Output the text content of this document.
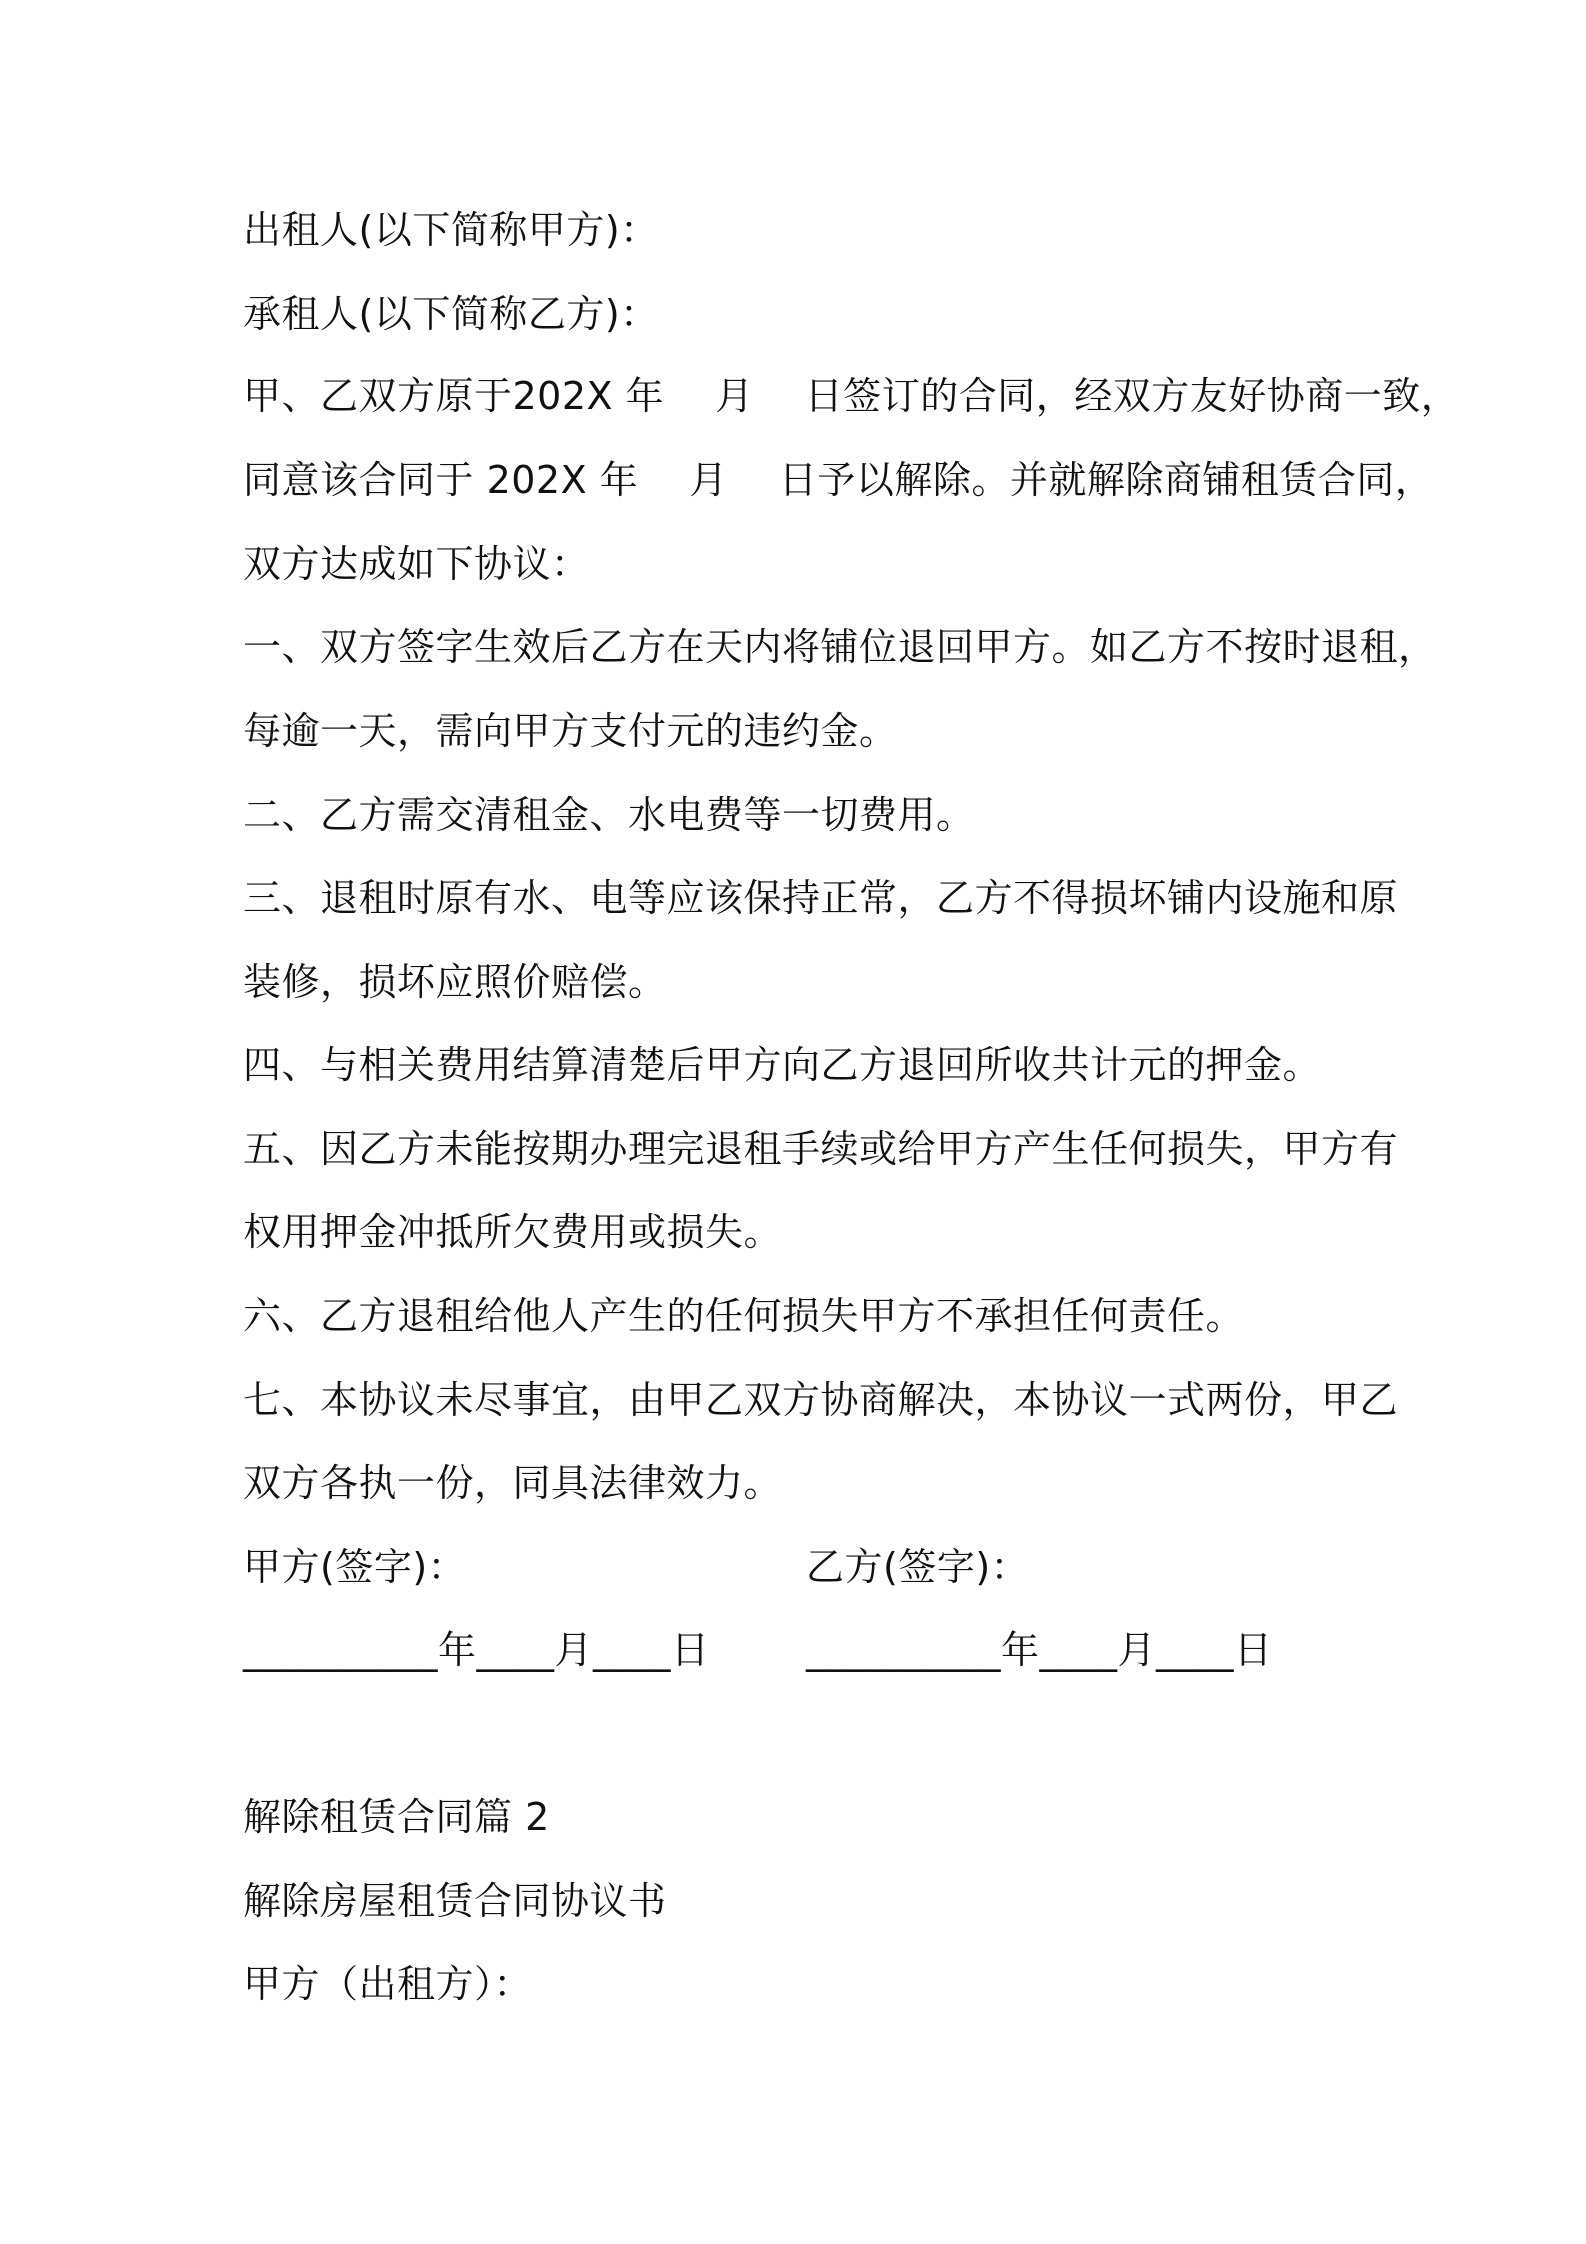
出租人(以下简称甲方)：
承租人(以下简称乙方)：
甲、乙双方原于202X 年　 月　 日签订的合同，经双方友好协商一致，
同意该合同于 202X 年　 月　 日予以解除。并就解除商铺租赁合同，
双方达成如下协议：
一、双方签字生效后乙方在天内将铺位退回甲方。如乙方不按时退租，
每逾一天，需向甲方支付元的违约金。
二、乙方需交清租金、水电费等一切费用。
三、退租时原有水、电等应该保持正常，乙方不得损坏铺内设施和原
装修，损坏应照价赔偿。
四、与相关费用结算清楚后甲方向乙方退回所收共计元的押金。
五、因乙方未能按期办理完退租手续或给甲方产生任何损失，甲方有
权用押金冲抵所欠费用或损失。
六、乙方退租给他人产生的任何损失甲方不承担任何责任。
七、本协议未尽事宜，由甲乙双方协商解决，本协议一式两份，甲乙
双方各执一份，同具法律效力。
甲方(签字)：	乙方(签字)：
__________年____月____日	__________年____月____日
解除租赁合同篇 2
解除房屋租赁合同协议书
甲方（出租方）：
